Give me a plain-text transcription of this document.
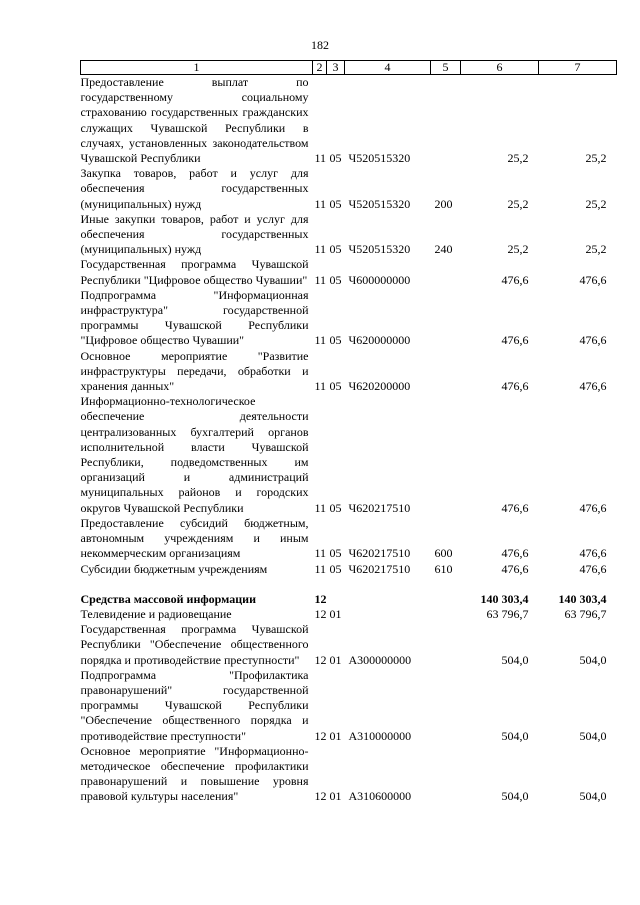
182
1	2	3	4	5	6	7
Предоставление выплат по государственному социальному страхованию государственных гражданских служащих Чувашской Республики в случаях, установленных законодательством Чувашской Республики	11	05	Ч520515320		25,2	25,2
Закупка товаров, работ и услуг для обеспечения государственных (муниципальных) нужд	11	05	Ч520515320	200	25,2	25,2
Иные закупки товаров, работ и услуг для обеспечения государственных (муниципальных) нужд	11	05	Ч520515320	240	25,2	25,2
Государственная программа Чувашской Республики "Цифровое общество Чувашии"	11	05	Ч600000000		476,6	476,6
Подпрограмма "Информационная инфраструктура" государственной программы Чувашской Республики "Цифровое общество Чувашии"	11	05	Ч620000000		476,6	476,6
Основное мероприятие "Развитие инфраструктуры передачи, обработки и хранения данных"	11	05	Ч620200000		476,6	476,6
Информационно-технологическое обеспечение деятельности централизованных бухгалтерий органов исполнительной власти Чувашской Республики, подведомственных им организаций и администраций муниципальных районов и городских округов Чувашской Республики	11	05	Ч620217510		476,6	476,6
Предоставление субсидий бюджетным, автономным учреждениям и иным некоммерческим организациям	11	05	Ч620217510	600	476,6	476,6
Субсидии бюджетным учреждениям	11	05	Ч620217510	610	476,6	476,6

Средства массовой информации	12				140 303,4	140 303,4
Телевидение и радиовещание	12	01			63 796,7	63 796,7
Государственная программа Чувашской Республики "Обеспечение общественного порядка и противодействие преступности"	12	01	А300000000		504,0	504,0
Подпрограмма "Профилактика правонарушений" государственной программы Чувашской Республики "Обеспечение общественного порядка и противодействие преступности"	12	01	А310000000		504,0	504,0
Основное мероприятие "Информационно-методическое обеспечение профилактики правонарушений и повышение уровня правовой культуры населения"	12	01	А310600000		504,0	504,0
